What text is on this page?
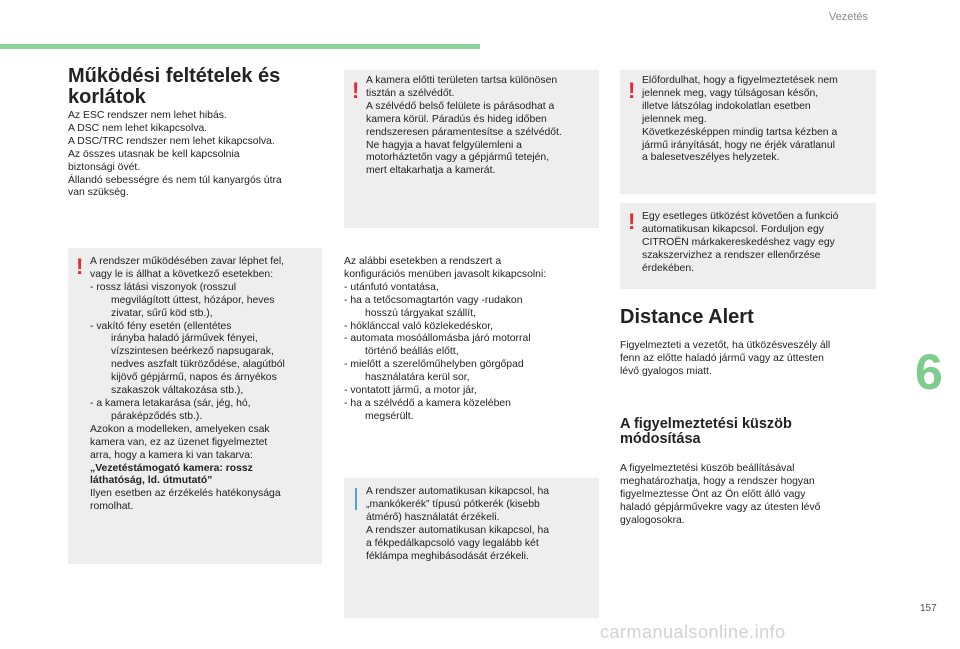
Vezetés
Működési feltételek és
korlátok
Az ESC rendszer nem lehet hibás.
A DSC nem lehet kikapcsolva.
A DSC/TRC rendszer nem lehet kikapcsolva.
Az összes utasnak be kell kapcsolnia
biztonsági övét.
Állandó sebességre és nem túl kanyargós útra
van szükség.
! A rendszer működésében zavar léphet fel,
vagy le is állhat a következő esetekben:
- rossz látási viszonyok (rosszul
megvilágított úttest, hózápor, heves
zivatar, sűrű köd stb.),
- vakító fény esetén (ellentétes
irányba haladó járművek fényei,
vízszintesen beérkező napsugarak,
nedves aszfalt tükröződése, alagútból
kijövő gépjármű, napos és árnyékos
szakaszok váltakozása stb.),
- a kamera letakarása (sár, jég, hó,
páraképződés stb.).
Azokon a modelleken, amelyeken csak
kamera van, ez az üzenet figyelmeztet
arra, hogy a kamera ki van takarva:
„Vezetéstámogató kamera: rossz
láthatóság, ld. útmutató”
Ilyen esetben az érzékelés hatékonysága
romolhat.
! A kamera előtti területen tartsa különösen
tisztán a szélvédőt.
A szélvédő belső felülete is párásodhat a
kamera körül. Páradús és hideg időben
rendszeresen páramentesítse a szélvédőt.
Ne hagyja a havat felgyülemleni a
motorháztetőn vagy a gépjármű tetején,
mert eltakarhatja a kamerát.
Az alábbi esetekben a rendszert a
konfigurációs menüben javasolt kikapcsolni:
- utánfutó vontatása,
- ha a tetőcsomagtartón vagy -rudakon
hosszú tárgyakat szállít,
- hóklánccal való közlekedéskor,
- automata mosóállomásba járó motorral
történő beállás előtt,
- mielőtt a szerelőműhelyben görgőpad
használatára kerül sor,
- vontatott jármű, a motor jár,
- ha a szélvédő a kamera közelében
megsérült.
A rendszer automatikusan kikapcsol, ha
„mankókerék” típusú pótkerék (kisebb
átmérő) használatát érzékeli.
A rendszer automatikusan kikapcsol, ha
a fékpedálkapcsoló vagy legalább két
féklámpa meghibásodását érzékeli.
! Előfordulhat, hogy a figyelmeztetések nem
jelennek meg, vagy túlságosan későn,
illetve látszólag indokolatlan esetben
jelennek meg.
Következésképpen mindig tartsa kézben a
jármű irányítását, hogy ne érjék váratlanul
a balesetveszélyes helyzetek.
! Egy esetleges ütközést követően a funkció
automatikusan kikapcsol. Forduljon egy
CITROËN márkakereskedéshez vagy egy
szakszervizhez a rendszer ellenőrzése
érdekében.
Distance Alert
Figyelmezteti a vezetőt, ha ütközésveszély áll
fenn az előtte haladó jármű vagy az úttesten
lévő gyalogos miatt.
A figyelmeztetési küszöb
módosítása
A figyelmeztetési küszöb beállításával
meghatározhatja, hogy a rendszer hogyan
figyelmeztesse Önt az Ön előtt álló vagy
haladó gépjárművekre vagy az útesten lévő
gyalogosokra.
6
157
carmanualsonline.info
